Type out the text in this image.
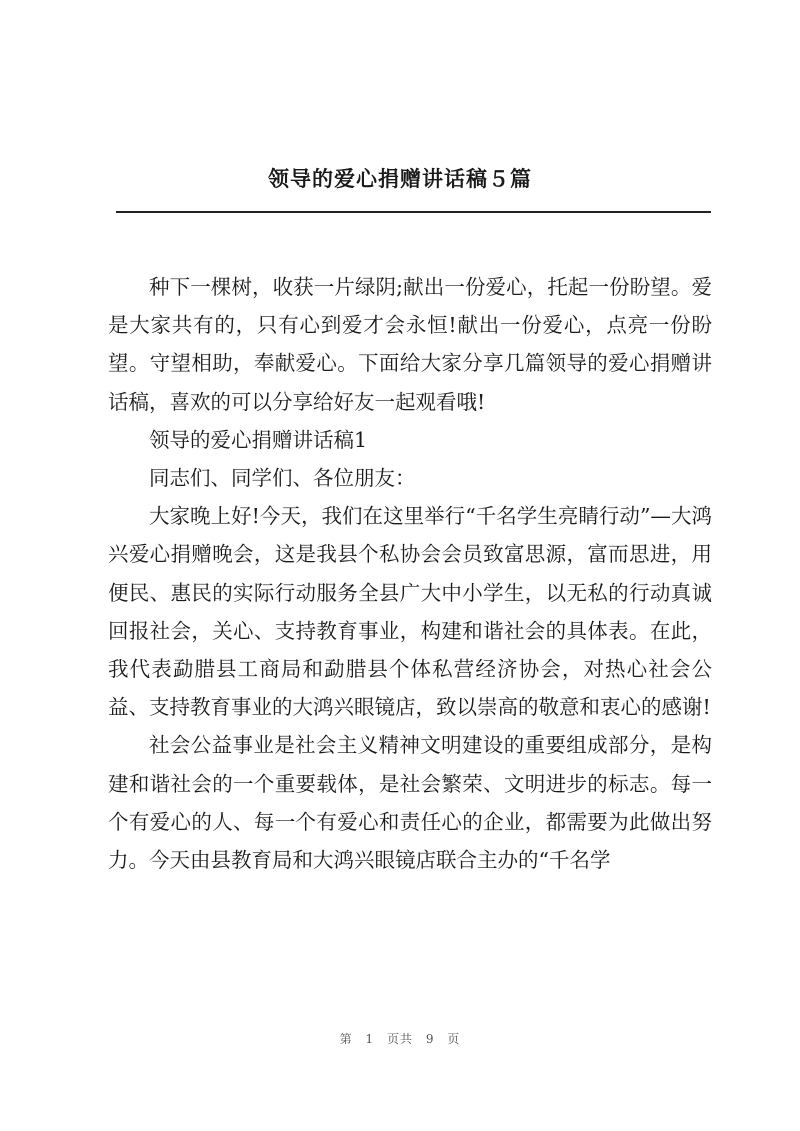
领导的爱心捐赠讲话稿５篇

种下一棵树，收获一片绿阴;献出一份爱心，托起一份盼望。爱是大家共有的，只有心到爱才会永恒!献出一份爱心，点亮一份盼望。守望相助，奉献爱心。下面给大家分享几篇领导的爱心捐赠讲话稿，喜欢的可以分享给好友一起观看哦!

领导的爱心捐赠讲话稿1

同志们、同学们、各位朋友：

大家晚上好!今天，我们在这里举行“千名学生亮睛行动”—大鸿兴爱心捐赠晚会，这是我县个私协会会员致富思源，富而思进，用便民、惠民的实际行动服务全县广大中小学生，以无私的行动真诚回报社会，关心、支持教育事业，构建和谐社会的具体表。在此，我代表勐腊县工商局和勐腊县个体私营经济协会，对热心社会公益、支持教育事业的大鸿兴眼镜店，致以崇高的敬意和衷心的感谢!

社会公益事业是社会主义精神文明建设的重要组成部分，是构建和谐社会的一个重要载体，是社会繁荣、文明进步的标志。每一个有爱心的人、每一个有爱心和责任心的企业，都需要为此做出努力。今天由县教育局和大鸿兴眼镜店联合主办的“千名学

第 1 页共 9 页
